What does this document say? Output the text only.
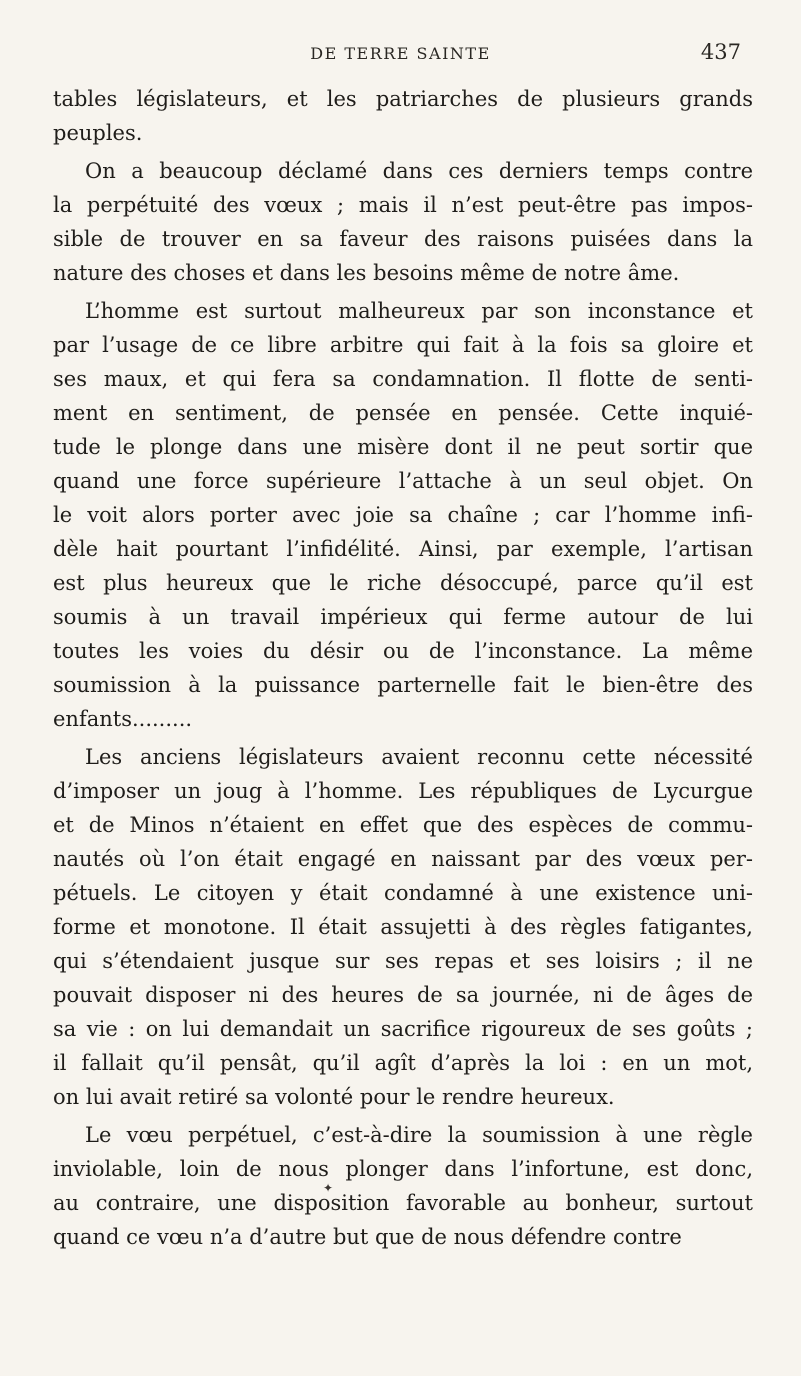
DE TERRE SAINTE	437
tables législateurs, et les patriarches de plusieurs grands
peuples.
On a beaucoup déclamé dans ces derniers temps contre
la perpétuité des vœux ; mais il n’est peut-être pas impos-
sible de trouver en sa faveur des raisons puisées dans la
nature des choses et dans les besoins même de notre âme.
L’homme est surtout malheureux par son inconstance et
par l’usage de ce libre arbitre qui fait à la fois sa gloire et
ses maux, et qui fera sa condamnation. Il flotte de senti-
ment en sentiment, de pensée en pensée. Cette inquié-
tude le plonge dans une misère dont il ne peut sortir que
quand une force supérieure l’attache à un seul objet. On
le voit alors porter avec joie sa chaîne ; car l’homme infi-
dèle hait pourtant l’infidélité. Ainsi, par exemple, l’artisan
est plus heureux que le riche désoccupé, parce qu’il est
soumis à un travail impérieux qui ferme autour de lui
toutes les voies du désir ou de l’inconstance. La même
soumission à la puissance parternelle fait le bien-être des
enfants.........
Les anciens législateurs avaient reconnu cette nécessité
d’imposer un joug à l’homme. Les républiques de Lycurgue
et de Minos n’étaient en effet que des espèces de commu-
nautés où l’on était engagé en naissant par des vœux per-
pétuels. Le citoyen y était condamné à une existence uni-
forme et monotone. Il était assujetti à des règles fatigantes,
qui s’étendaient jusque sur ses repas et ses loisirs ; il ne
pouvait disposer ni des heures de sa journée, ni de âges de
sa vie : on lui demandait un sacrifice rigoureux de ses goûts ;
il fallait qu’il pensât, qu’il agît d’après la loi : en un mot,
on lui avait retiré sa volonté pour le rendre heureux.
Le vœu perpétuel, c’est-à-dire la soumission à une règle
inviolable, loin de nous plonger dans l’infortune, est donc,
au contraire, une disposition favorable au bonheur, surtout
quand ce vœu n’a d’autre but que de nous défendre contre
✦
